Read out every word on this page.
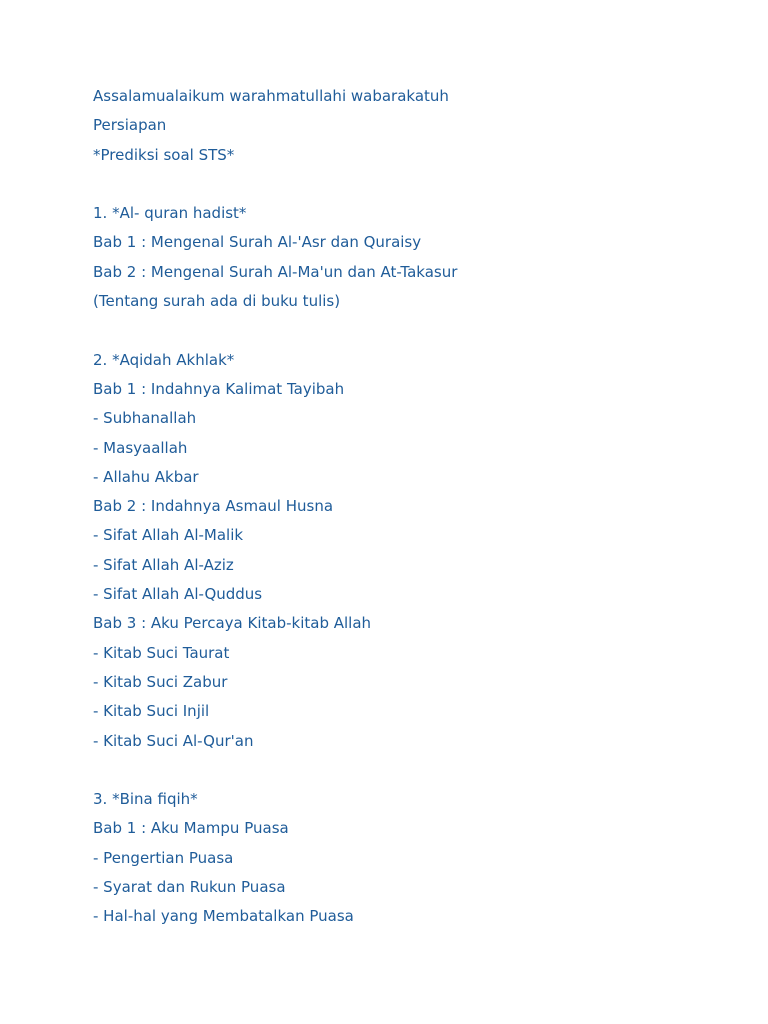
Assalamualaikum warahmatullahi wabarakatuh
Persiapan
*Prediksi soal STS*
1. *Al- quran hadist*
Bab 1 : Mengenal Surah Al-'Asr dan Quraisy
Bab 2 : Mengenal Surah Al-Ma'un dan At-Takasur
(Tentang surah ada di buku tulis)
2. *Aqidah Akhlak*
Bab 1 : Indahnya Kalimat Tayibah
- Subhanallah
- Masyaallah
- Allahu Akbar
Bab 2 : Indahnya Asmaul Husna
- Sifat Allah Al-Malik
- Sifat Allah Al-Aziz
- Sifat Allah Al-Quddus
Bab 3 : Aku Percaya Kitab-kitab Allah
- Kitab Suci Taurat
- Kitab Suci Zabur
- Kitab Suci Injil
- Kitab Suci Al-Qur'an
3. *Bina fiqih*
Bab 1 : Aku Mampu Puasa
- Pengertian Puasa
- Syarat dan Rukun Puasa
- Hal-hal yang Membatalkan Puasa
